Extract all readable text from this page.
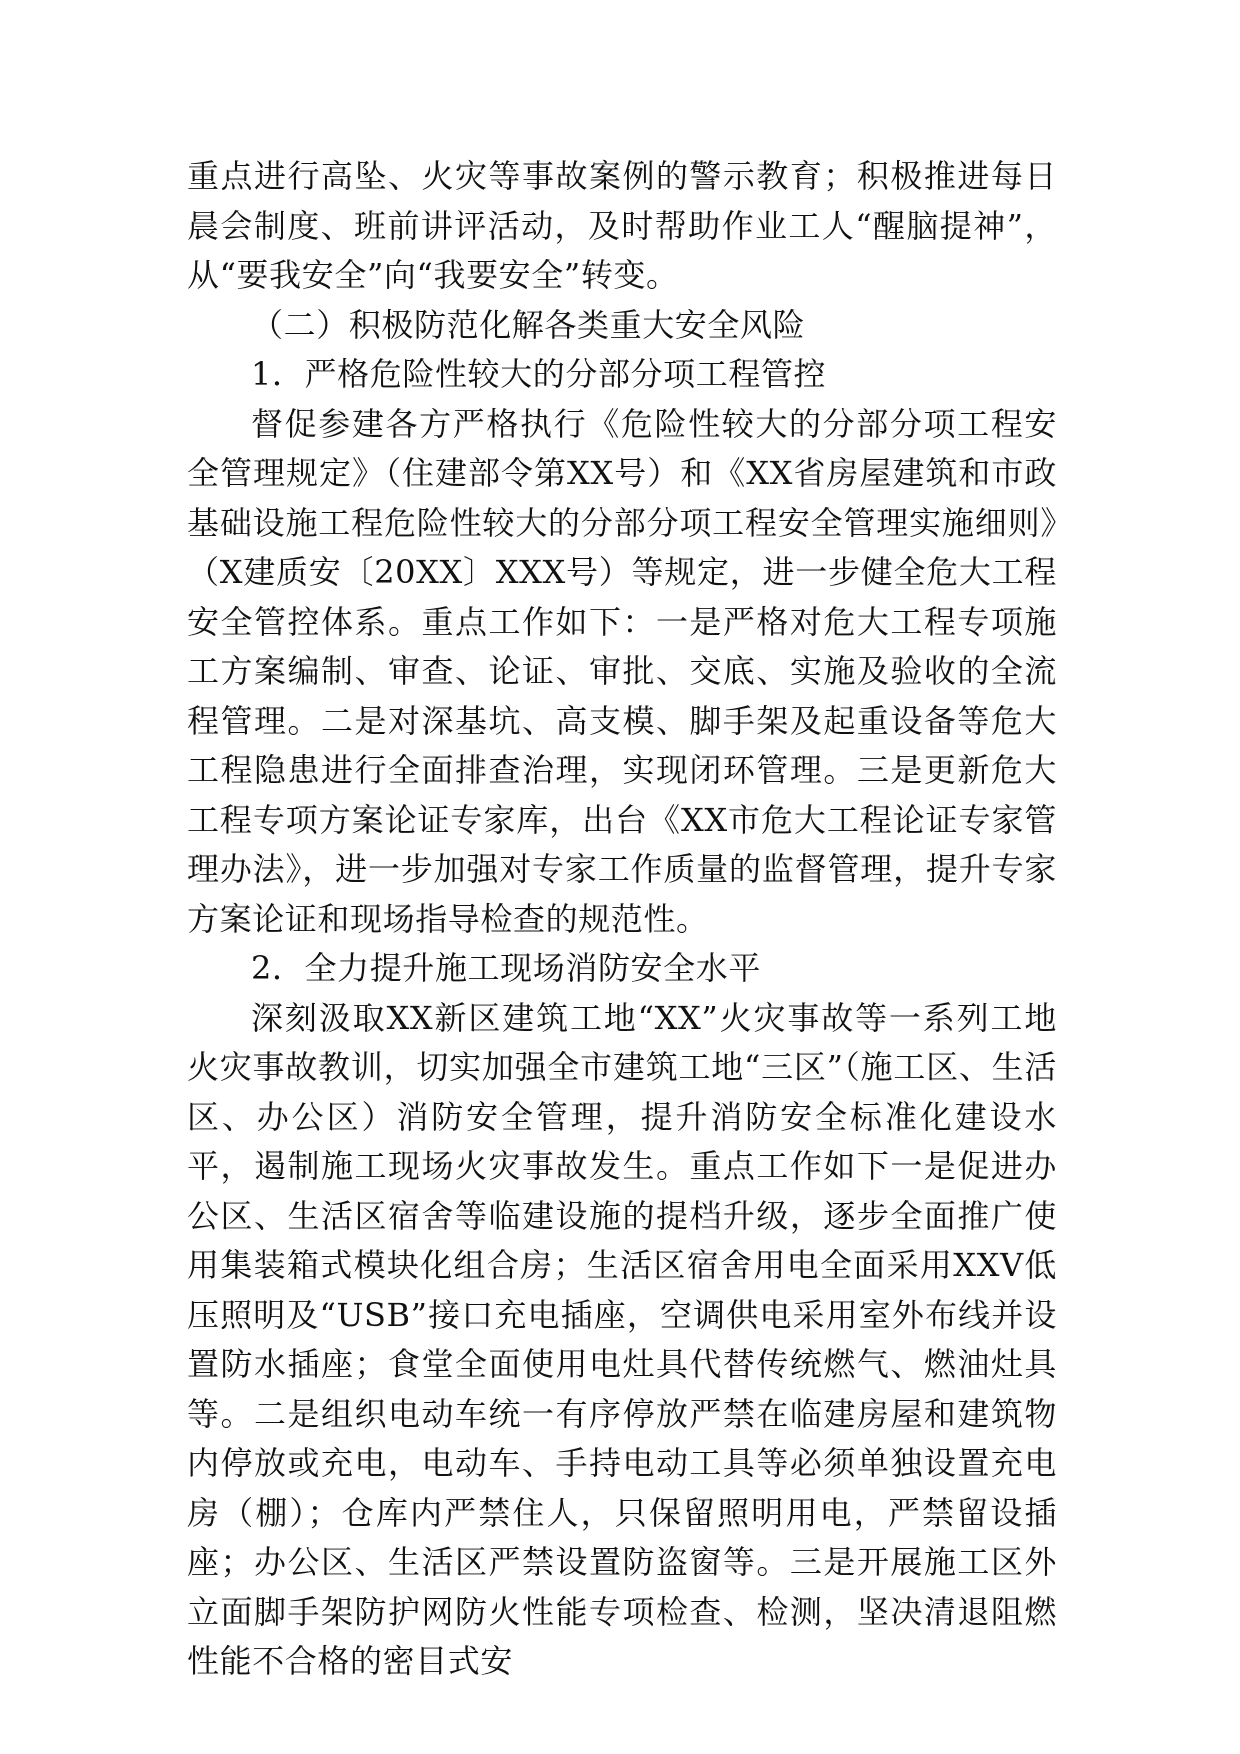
重点进行高坠、火灾等事故案例的警示教育；积极推进每日晨会制度、班前讲评活动，及时帮助作业工人“醒脑提神”，从“要我安全”向“我要安全”转变。

（二）积极防范化解各类重大安全风险

1．严格危险性较大的分部分项工程管控

督促参建各方严格执行《危险性较大的分部分项工程安全管理规定》（住建部令第XX号）和《XX省房屋建筑和市政基础设施工程危险性较大的分部分项工程安全管理实施细则》（X建质安〔20XX〕XXX号）等规定，进一步健全危大工程安全管控体系。重点工作如下：一是严格对危大工程专项施工方案编制、审查、论证、审批、交底、实施及验收的全流程管理。二是对深基坑、高支模、脚手架及起重设备等危大工程隐患进行全面排查治理，实现闭环管理。三是更新危大工程专项方案论证专家库，出台《XX市危大工程论证专家管理办法》，进一步加强对专家工作质量的监督管理，提升专家方案论证和现场指导检查的规范性。

2．全力提升施工现场消防安全水平

深刻汲取XX新区建筑工地“XX”火灾事故等一系列工地火灾事故教训，切实加强全市建筑工地“三区”（施工区、生活区、办公区）消防安全管理，提升消防安全标准化建设水平，遏制施工现场火灾事故发生。重点工作如下一是促进办公区、生活区宿舍等临建设施的提档升级，逐步全面推广使用集装箱式模块化组合房；生活区宿舍用电全面采用XXV低压照明及“USB”接口充电插座，空调供电采用室外布线并设置防水插座；食堂全面使用电灶具代替传统燃气、燃油灶具等。二是组织电动车统一有序停放严禁在临建房屋和建筑物内停放或充电，电动车、手持电动工具等必须单独设置充电房（棚）；仓库内严禁住人，只保留照明用电，严禁留设插座；办公区、生活区严禁设置防盗窗等。三是开展施工区外立面脚手架防护网防火性能专项检查、检测，坚决清退阻燃性能不合格的密目式安
